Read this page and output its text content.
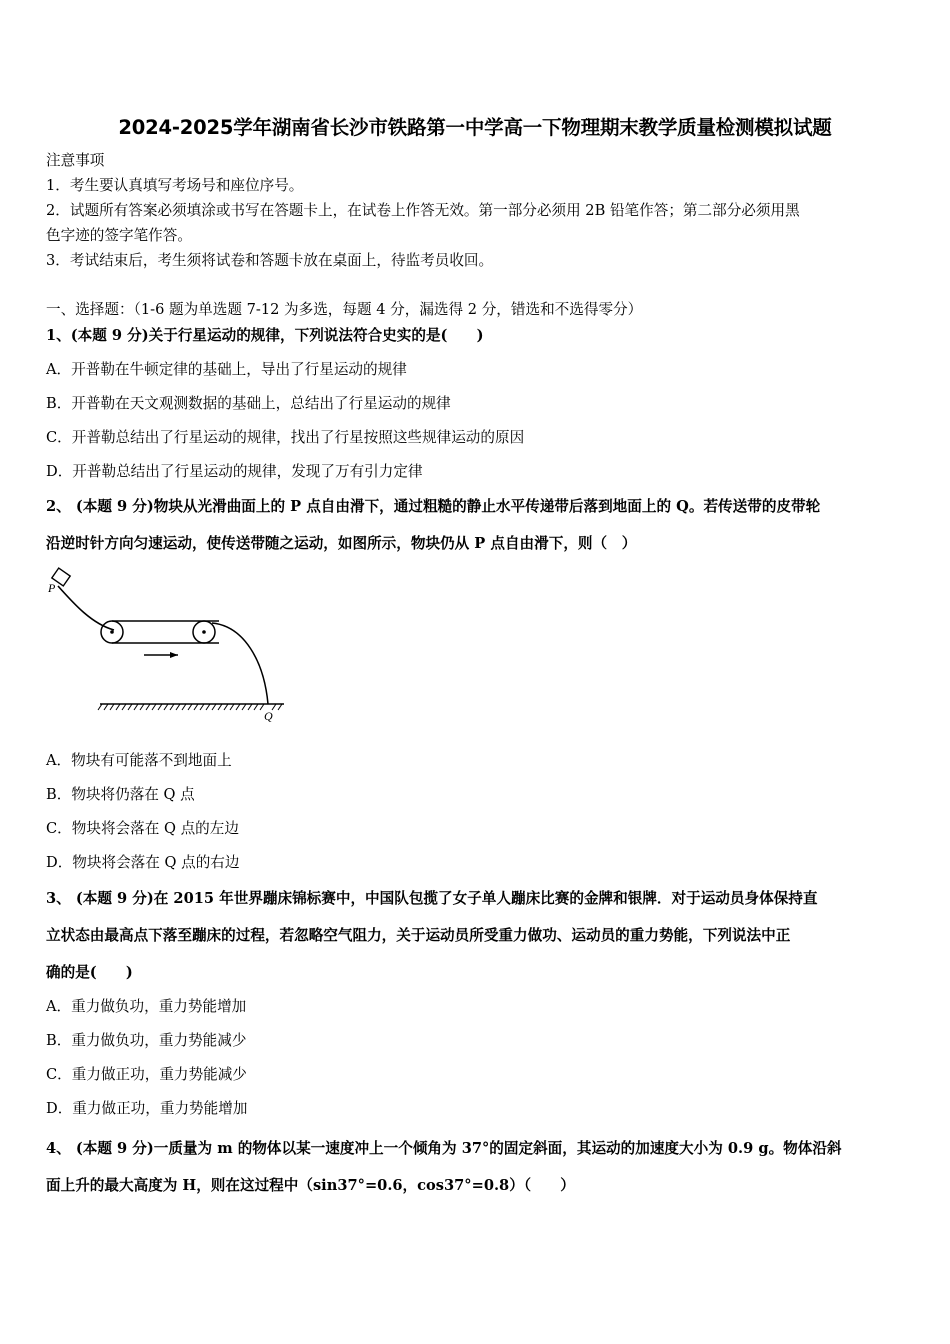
2024-2025学年湖南省长沙市铁路第一中学高一下物理期末教学质量检测模拟试题
注意事项
1．考生要认真填写考场号和座位序号。
2．试题所有答案必须填涂或书写在答题卡上，在试卷上作答无效。第一部分必须用 2B 铅笔作答；第二部分必须用黑
色字迹的签字笔作答。
3．考试结束后，考生须将试卷和答题卡放在桌面上，待监考员收回。
一、选择题：（1-6 题为单选题 7-12 为多选，每题 4 分，漏选得 2 分，错选和不选得零分）
1、(本题 9 分)关于行星运动的规律，下列说法符合史实的是(　　)
A．开普勒在牛顿定律的基础上，导出了行星运动的规律
B．开普勒在天文观测数据的基础上，总结出了行星运动的规律
C．开普勒总结出了行星运动的规律，找出了行星按照这些规律运动的原因
D．开普勒总结出了行星运动的规律，发现了万有引力定律
2、 (本题 9 分)物块从光滑曲面上的 P 点自由滑下，通过粗糙的静止水平传递带后落到地面上的 Q。若传送带的皮带轮
沿逆时针方向匀速运动，使传送带随之运动，如图所示，物块仍从 P 点自由滑下，则（　）
P
Q
A．物块有可能落不到地面上
B．物块将仍落在 Q 点
C．物块将会落在 Q 点的左边
D．物块将会落在 Q 点的右边
3、 (本题 9 分)在 2015 年世界蹦床锦标赛中，中国队包揽了女子单人蹦床比赛的金牌和银牌．对于运动员身体保持直
立状态由最高点下落至蹦床的过程，若忽略空气阻力，关于运动员所受重力做功、运动员的重力势能，下列说法中正
确的是(　　)
A．重力做负功，重力势能增加
B．重力做负功，重力势能减少
C．重力做正功，重力势能减少
D．重力做正功，重力势能增加
4、 (本题 9 分)一质量为 m 的物体以某一速度冲上一个倾角为 37°的固定斜面，其运动的加速度大小为 0.9 g。物体沿斜
面上升的最大高度为 H，则在这过程中（sin37°=0.6，cos37°=0.8）（　　）
